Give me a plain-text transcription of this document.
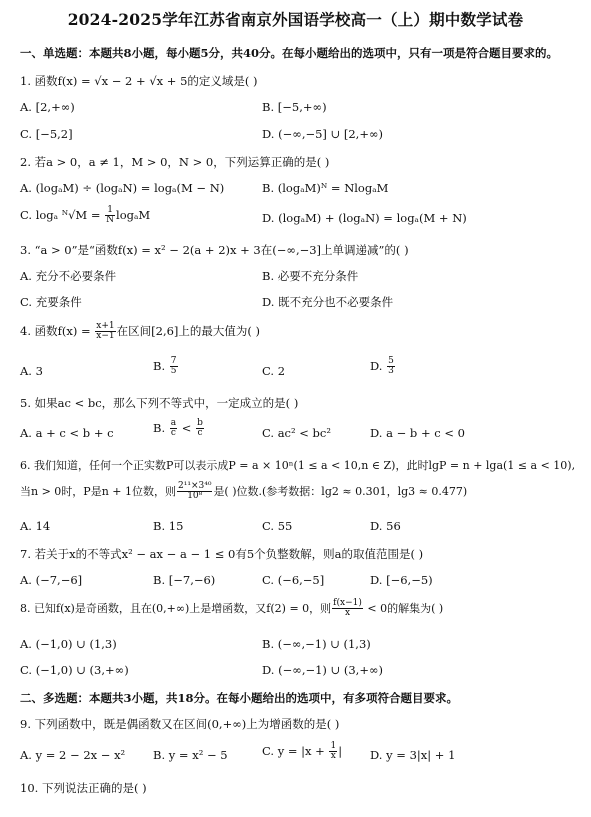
2024-2025学年江苏省南京外国语学校高一（上）期中数学试卷
一、单选题：本题共8小题，每小题5分，共40分。在每小题给出的选项中，只有一项是符合题目要求的。
1. 函数f(x) = √x − 2 + √x + 5的定义域是( )
A. [2,+∞)	B. [−5,+∞)
C. [−5,2]	D. (−∞,−5] ∪ [2,+∞)
2. 若a > 0，a ≠ 1，M > 0，N > 0，下列运算正确的是( )
A. (logₐM) ÷ (logₐN) = logₐ(M − N)	B. (logₐM)ᴺ = NlogₐM
C. logₐ ᴺ√M = $\frac{1}{N}$ logₐM	D. (logₐM) + (logₐN) = logₐ(M + N)
3. “a > 0”是“函数f(x) = x² − 2(a + 2)x + 3在(−∞,−3]上单调递减”的( )
A. 充分不必要条件	B. 必要不充分条件
C. 充要条件	D. 既不充分也不必要条件
4. 函数$f(x) = \frac{x+1}{x-1}$ 在区间[2,6]上的最大值为( )
A. 3	B. $\frac{7}{5}$	C. 2	D. $\frac{5}{3}$
5. 如果ac < bc，那么下列不等式中，一定成立的是( )
A. a + c < b + c	B. $\frac{a}{c} < \frac{b}{c}$	C. ac² < bc²	D. a − b + c < 0
6. 我们知道，任何一个正实数P可以表示成P = a × 10ⁿ(1 ≤ a < 10,n ∈ Z)，此时lgP = n + lga(1 ≤ a < 10),
当n > 0时，P是n + 1位数，则 $\frac{\text{2¹¹×3⁴⁰}}{\text{10⁸}}$ 是( )位数.(参考数据：lg2 ≈ 0.301，lg3 ≈ 0.477)
A. 14	B. 15	C. 55	D. 56
7. 若关于x的不等式x² − ax − a − 1 ≤ 0有5个负整数解，则a的取值范围是( )
A. (−7,−6]	B. [−7,−6)	C. (−6,−5]	D. [−6,−5)
8. 已知f(x)是奇函数，且在(0,+∞)上是增函数，又f(2) = 0，则 $\frac{f(x-1)}{x} < 0$的解集为( )
A. (−1,0) ∪ (1,3)	B. (−∞,−1) ∪ (1,3)
C. (−1,0) ∪ (3,+∞)	D. (−∞,−1) ∪ (3,+∞)
二、多选题：本题共3小题，共18分。在每小题给出的选项中，有多项符合题目要求。
9. 下列函数中，既是偶函数又在区间(0,+∞)上为增函数的是( )
A. y = 2 − 2x − x² B. y = x² − 5	C. $y = |x + \frac{1}{x}$ | D. y = 3|x| + 1
10. 下列说法正确的是( )
